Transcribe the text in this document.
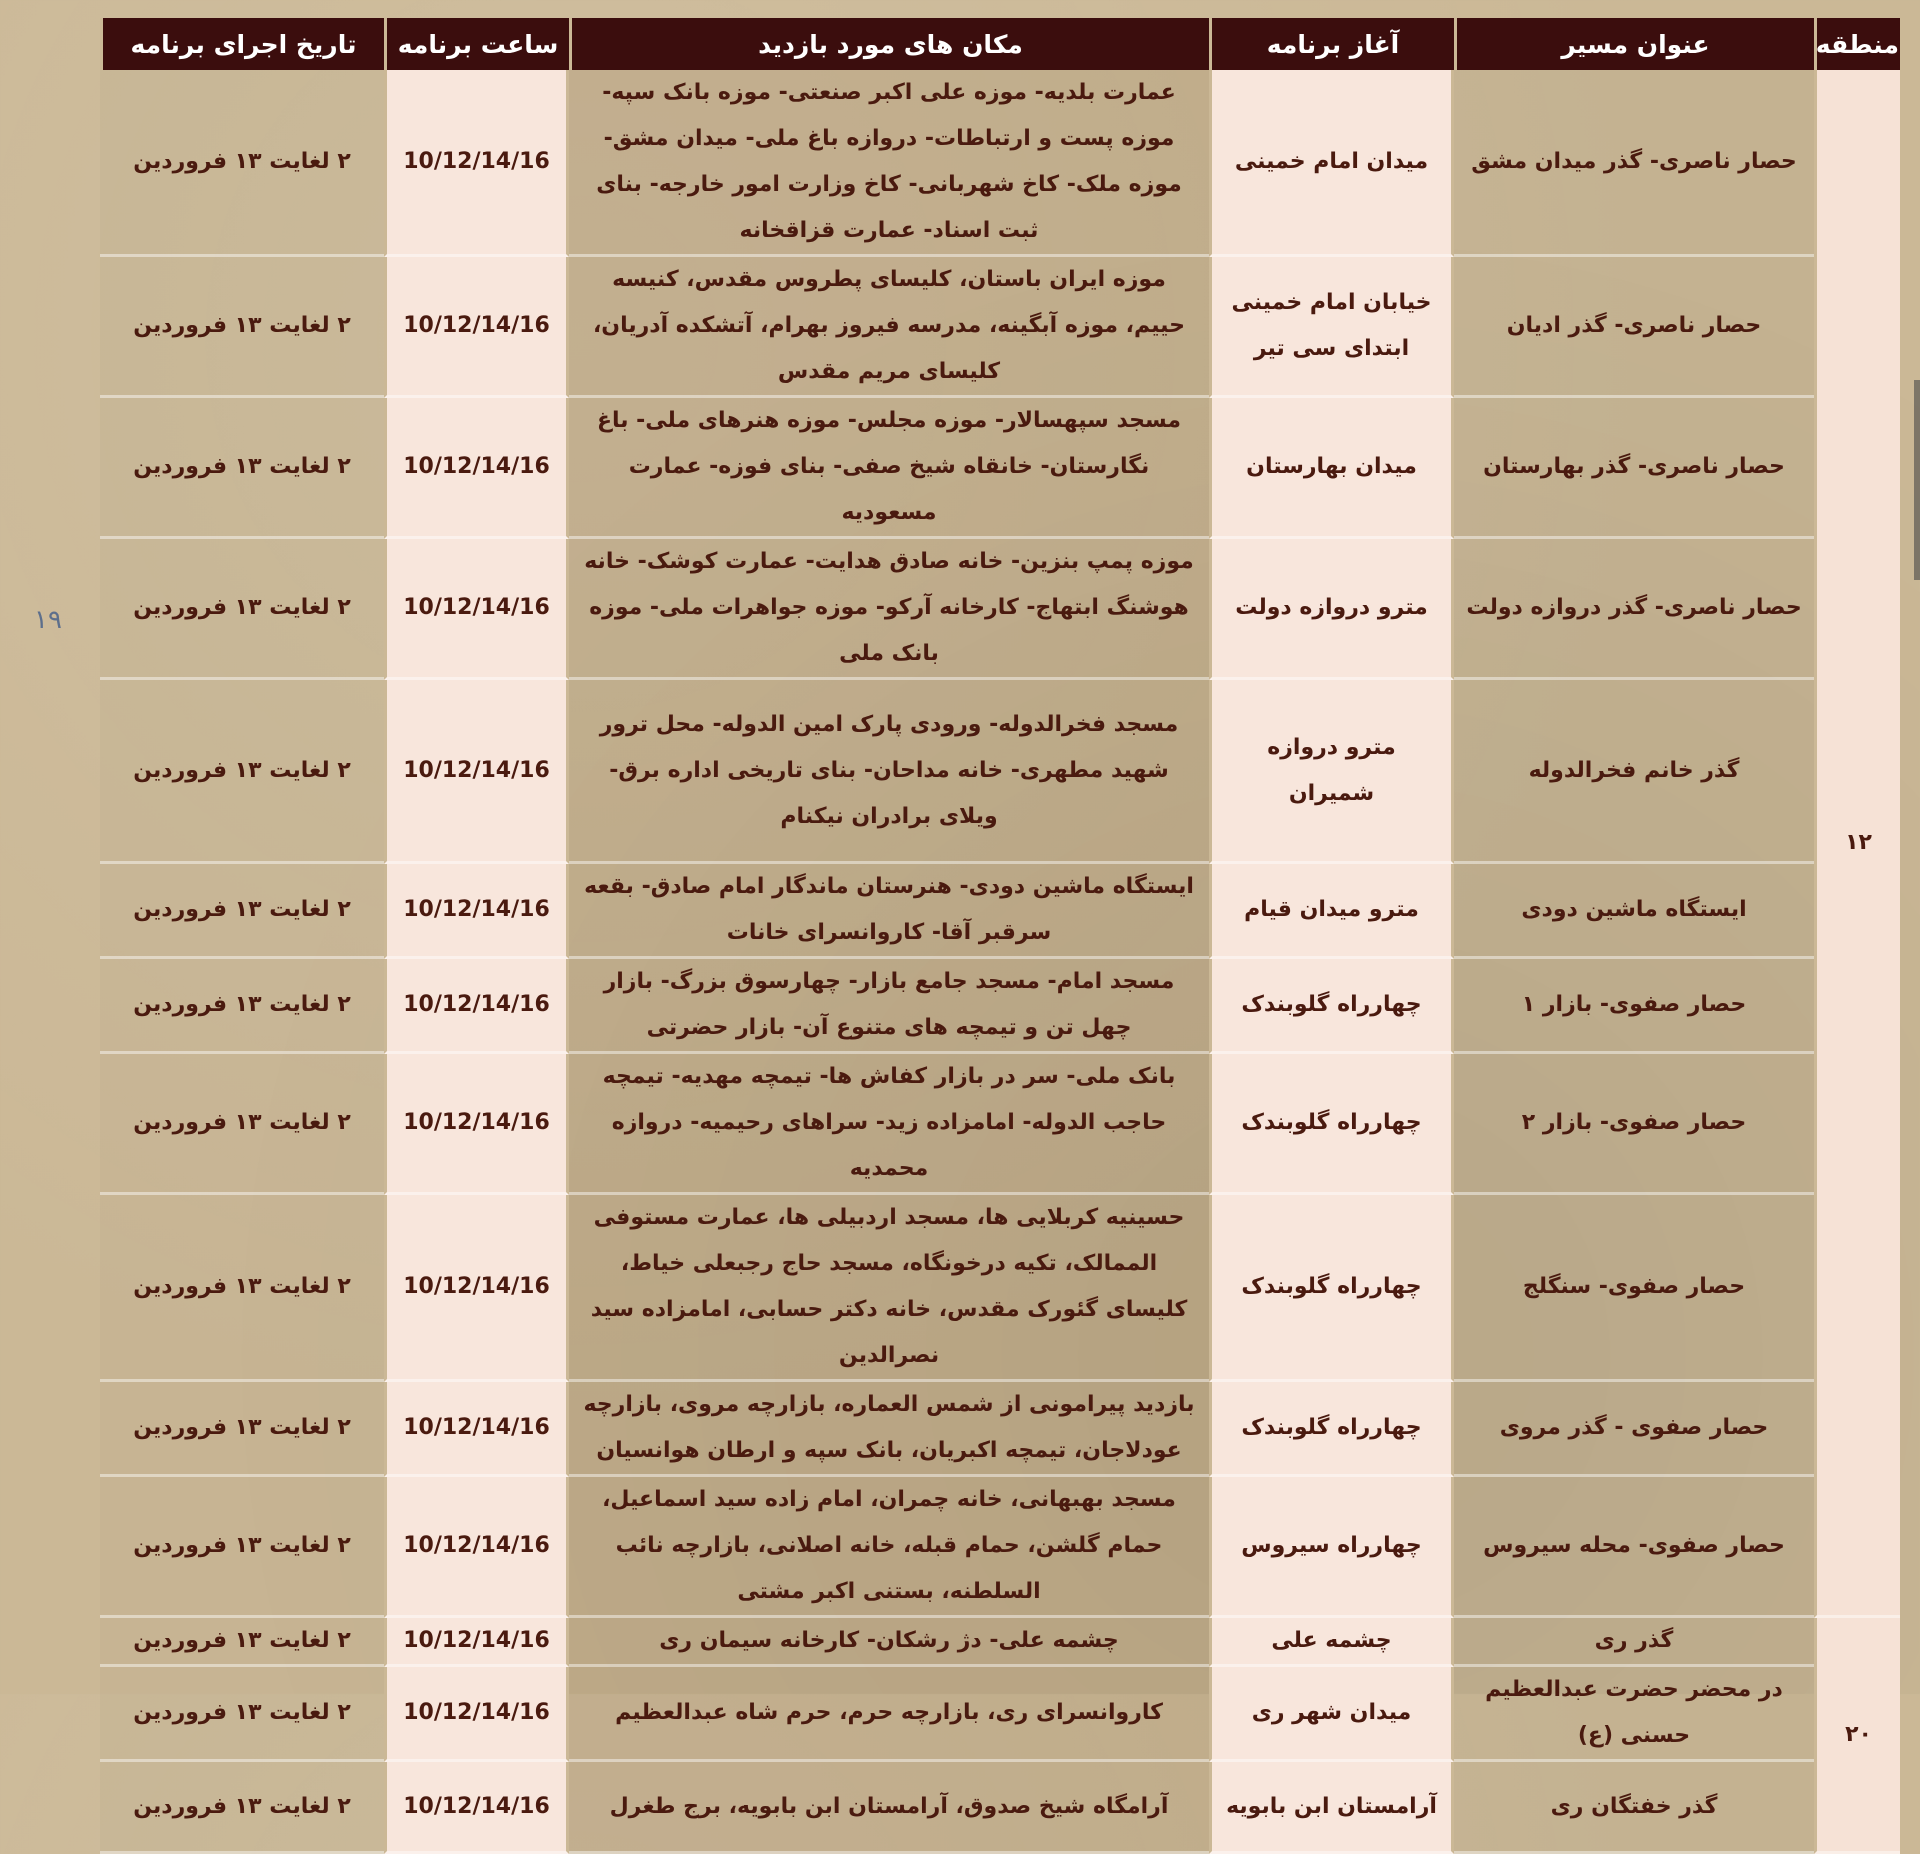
۱۹
منطقه	عنوان مسیر	آغاز برنامه	مکان های مورد بازدید	ساعت برنامه	تاریخ اجرای برنامه
۱۲	حصار ناصری- گذر میدان مشق	میدان امام خمینی	عمارت بلدیه- موزه علی اکبر صنعتی- موزه بانک سپه- موزه پست و ارتباطات- دروازه باغ ملی- میدان مشق- موزه ملک- کاخ شهربانی- کاخ وزارت امور خارجه- بنای ثبت اسناد- عمارت قزاقخانه	10/12/14/16	۲ لغایت ۱۳ فروردین
	حصار ناصری- گذر ادیان	خیابان امام خمینی ابتدای سی تیر	موزه ایران باستان، کلیسای پطروس مقدس، کنیسه حییم، موزه آبگینه، مدرسه فیروز بهرام، آتشکده آدریان، کلیسای مریم مقدس	10/12/14/16	۲ لغایت ۱۳ فروردین
	حصار ناصری- گذر بهارستان	میدان بهارستان	مسجد سپهسالار- موزه مجلس- موزه هنرهای ملی- باغ نگارستان- خانقاه شیخ صفی- بنای فوزه- عمارت مسعودیه	10/12/14/16	۲ لغایت ۱۳ فروردین
	حصار ناصری- گذر دروازه دولت	مترو دروازه دولت	موزه پمپ بنزین- خانه صادق هدایت- عمارت کوشک- خانه هوشنگ ابتهاج- کارخانه آرکو- موزه جواهرات ملی- موزه بانک ملی	10/12/14/16	۲ لغایت ۱۳ فروردین
	گذر خانم فخرالدوله	مترو دروازه شمیران	مسجد فخرالدوله- ورودی پارک امین الدوله- محل ترور شهید مطهری- خانه مداحان- بنای تاریخی اداره برق- ویلای برادران نیکنام	10/12/14/16	۲ لغایت ۱۳ فروردین
	ایستگاه ماشین دودی	مترو میدان قیام	ایستگاه ماشین دودی- هنرستان ماندگار امام صادق- بقعه سرقبر آقا- کاروانسرای خانات	10/12/14/16	۲ لغایت ۱۳ فروردین
	حصار صفوی- بازار ۱	چهارراه گلوبندک	مسجد امام- مسجد جامع بازار- چهارسوق بزرگ- بازار چهل تن و تیمچه های متنوع آن- بازار حضرتی	10/12/14/16	۲ لغایت ۱۳ فروردین
	حصار صفوی- بازار ۲	چهارراه گلوبندک	بانک ملی- سر در بازار کفاش ها- تیمچه مهدیه- تیمچه حاجب الدوله- امامزاده زید- سراهای رحیمیه- دروازه محمدیه	10/12/14/16	۲ لغایت ۱۳ فروردین
	حصار صفوی- سنگلج	چهارراه گلوبندک	حسینیه کربلایی ها، مسجد اردبیلی ها، عمارت مستوفی الممالک، تکیه درخونگاه، مسجد حاج رجبعلی خیاط، کلیسای گئورک مقدس، خانه دکتر حسابی، امامزاده سید نصرالدین	10/12/14/16	۲ لغایت ۱۳ فروردین
	حصار صفوی - گذر مروی	چهارراه گلوبندک	بازدید پیرامونی از شمس العماره، بازارچه مروی، بازارچه عودلاجان، تیمچه اکبریان، بانک سپه و ارطان هوانسیان	10/12/14/16	۲ لغایت ۱۳ فروردین
	حصار صفوی- محله سیروس	چهارراه سیروس	مسجد بهبهانی، خانه چمران، امام زاده سید اسماعیل، حمام گلشن، حمام قبله، خانه اصلانی، بازارچه نائب السلطنه، بستنی اکبر مشتی	10/12/14/16	۲ لغایت ۱۳ فروردین
۲۰	گذر ری	چشمه علی	چشمه علی- دژ رشکان- کارخانه سیمان ری	10/12/14/16	۲ لغایت ۱۳ فروردین
	در محضر حضرت عبدالعظیم حسنی (ع)	میدان شهر ری	کاروانسرای ری، بازارچه حرم، حرم شاه عبدالعظیم	10/12/14/16	۲ لغایت ۱۳ فروردین
	گذر خفتگان ری	آرامستان ابن بابویه	آرامگاه شیخ صدوق، آرامستان ابن بابویه، برج طغرل	10/12/14/16	۲ لغایت ۱۳ فروردین
